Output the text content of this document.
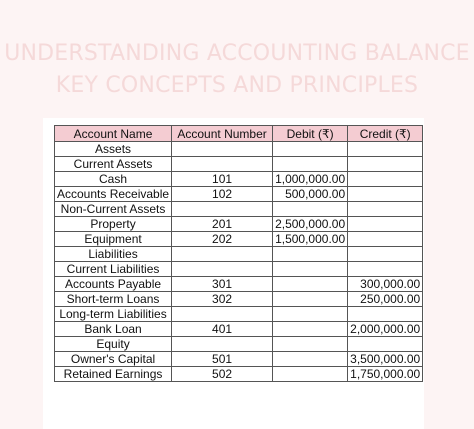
UNDERSTANDING ACCOUNTING BALANCE
KEY CONCEPTS AND PRINCIPLES
Account Name	Account Number	Debit (₹)	Credit (₹)
Assets			
Current Assets			
Cash	101	1,000,000.00	
Accounts Receivable	102	500,000.00	
Non-Current Assets			
Property	201	2,500,000.00	
Equipment	202	1,500,000.00	
Liabilities			
Current Liabilities			
Accounts Payable	301		300,000.00
Short-term Loans	302		250,000.00
Long-term Liabilities			
Bank Loan	401		2,000,000.00
Equity			
Owner's Capital	501		3,500,000.00
Retained Earnings	502		1,750,000.00
